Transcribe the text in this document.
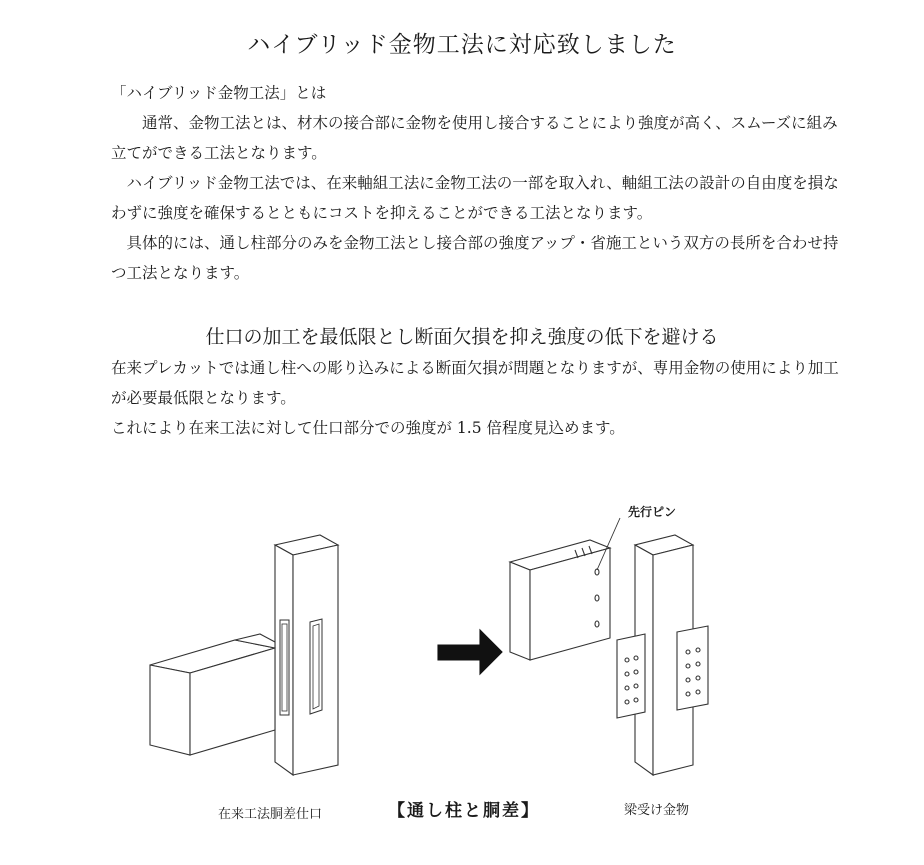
ハイブリッド金物工法に対応致しました
「ハイブリッド金物工法」とは
通常、金物工法とは、材木の接合部に金物を使用し接合することにより強度が高く、スムーズに組み立てができる工法となります。
ハイブリッド金物工法では、在来軸組工法に金物工法の一部を取入れ、軸組工法の設計の自由度を損なわずに強度を確保するとともにコストを抑えることができる工法となります。
具体的には、通し柱部分のみを金物工法とし接合部の強度アップ・省施工という双方の長所を合わせ持つ工法となります。
仕口の加工を最低限とし断面欠損を抑え強度の低下を避ける
在来プレカットでは通し柱への彫り込みによる断面欠損が問題となりますが、専用金物の使用により加工が必要最低限となります。
これにより在来工法に対して仕口部分での強度が 1.5 倍程度見込めます。
先行ピン
在来工法胴差仕口	【通し柱と胴差】	梁受け金物
